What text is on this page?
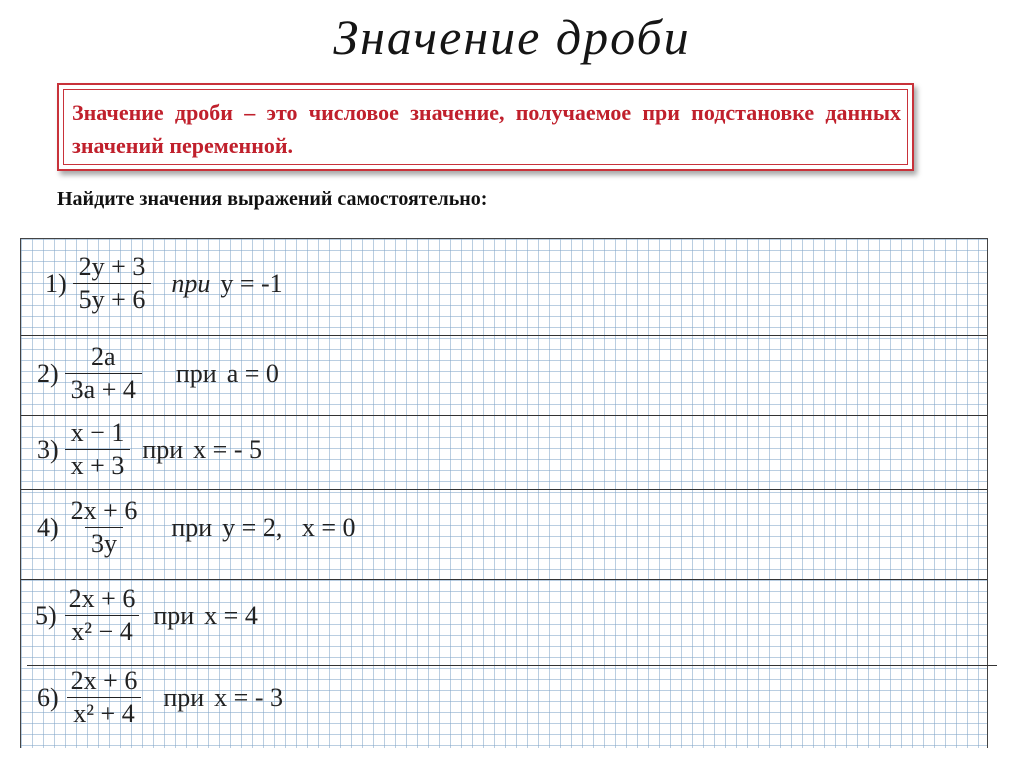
Значение дроби

Значение дроби – это числовое значение, получаемое при подстановке данных значений переменной.

Найдите значения выражений самостоятельно:
$1) \frac{2y + 3}{5y + 6}$ при y = -1
$2) \frac{2a}{3a + 4}$ при a = 0
$3) \frac{x - 1}{x + 3}$ при x = - 5
$4) \frac{2x + 6}{3y}$ при y = 2,   x = 0
$5) \frac{2x + 6}{\text{x² − 4}}$ при x = 4
$6) \frac{2x + 6}{\text{x² + 4}}$ при x = - 3
